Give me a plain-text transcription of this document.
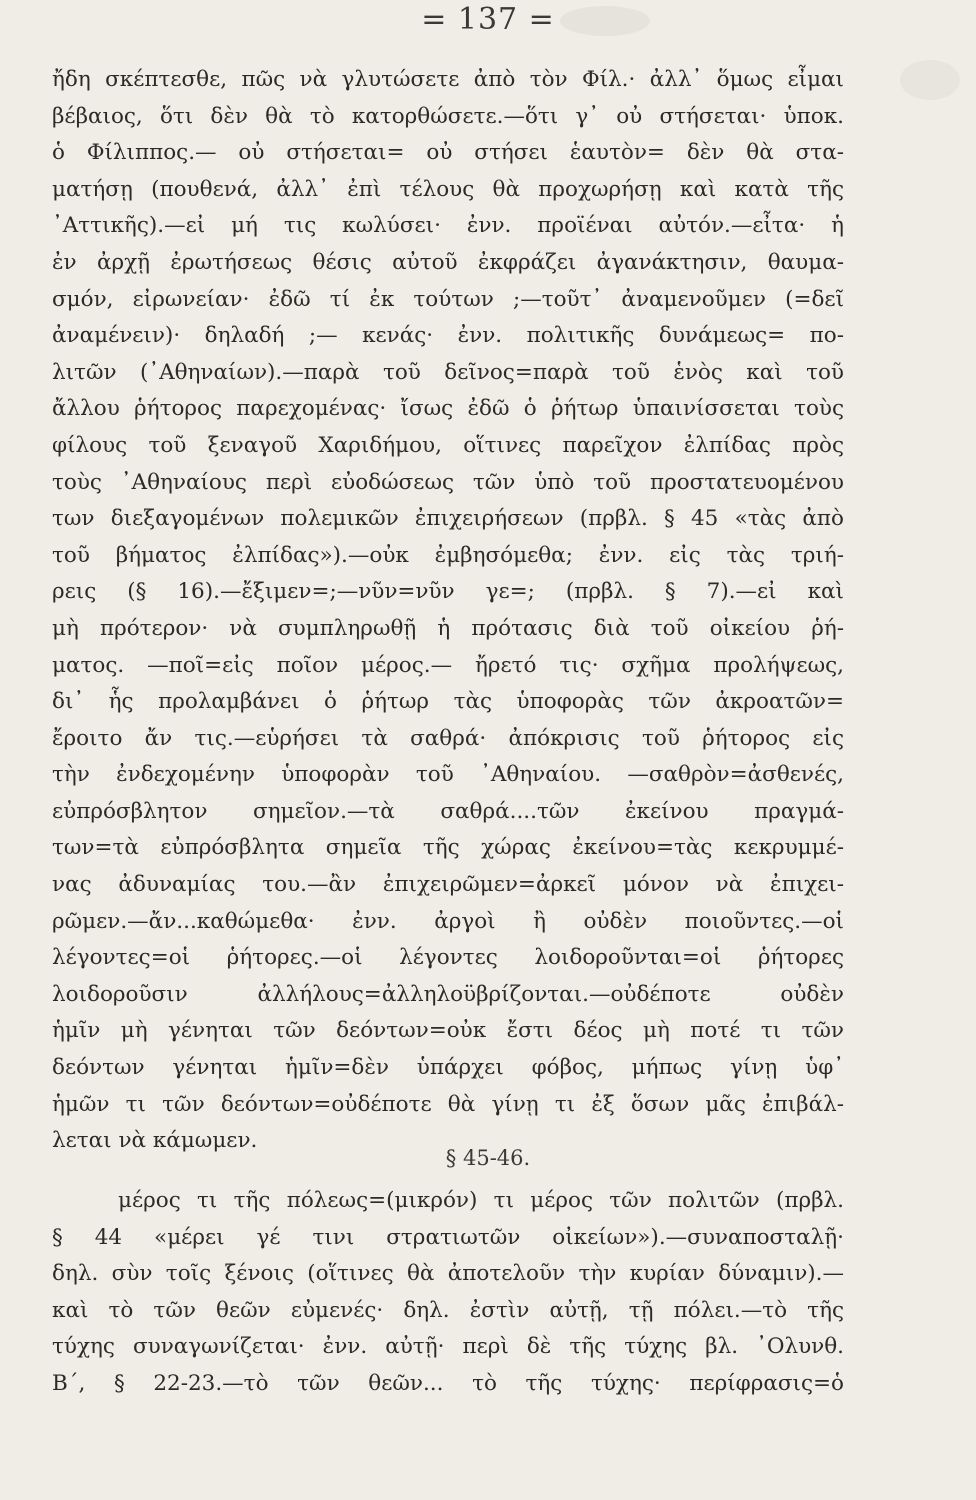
= 137 =
ἤδη σκέπτεσθε, πῶς νὰ γλυτώσετε ἀπὸ τὸν Φίλ.· ἀλλ᾽ ὅμως εἶμαι
βέβαιος, ὅτι δὲν θὰ τὸ κατορθώσετε.—ὅτι γ᾽ οὐ στήσεται· ὑποκ.
ὁ Φίλιππος.— οὐ στήσεται= οὐ στήσει ἑαυτὸν= δὲν θὰ στα-
ματήσῃ (πουθενά, ἀλλ᾽ ἐπὶ τέλους θὰ προχωρήσῃ καὶ κατὰ τῆς
᾽Αττικῆς).—εἰ μή τις κωλύσει· ἐνν. προϊέναι αὐτόν.—εἶτα· ἡ
ἐν ἀρχῇ ἐρωτήσεως θέσις αὐτοῦ ἐκφράζει ἀγανάκτησιν, θαυμα-
σμόν, εἰρωνείαν· ἐδῶ τί ἐκ τούτων ;—τοῦτ᾽ ἀναμενοῦμεν (=δεῖ
ἀναμένειν)· δηλαδή ;— κενάς· ἐνν. πολιτικῆς δυνάμεως= πο-
λιτῶν (᾽Αθηναίων).—παρὰ τοῦ δεῖνος=παρὰ τοῦ ἑνὸς καὶ τοῦ
ἄλλου ῥήτορος παρεχομένας· ἴσως ἐδῶ ὁ ῥήτωρ ὑπαινίσσεται τοὺς
φίλους τοῦ ξεναγοῦ Χαριδήμου, οἵτινες παρεῖχον ἐλπίδας πρὸς
τοὺς ᾽Αθηναίους περὶ εὐοδώσεως τῶν ὑπὸ τοῦ προστατευομένου
των διεξαγομένων πολεμικῶν ἐπιχειρήσεων (πρβλ. § 45 «τὰς ἀπὸ
τοῦ βήματος ἐλπίδας»).—οὐκ ἐμβησόμεθα; ἐνν. εἰς τὰς τριή-
ρεις (§ 16).—ἔξιμεν=;—νῦν=νῦν γε=; (πρβλ. § 7).—εἰ καὶ
μὴ πρότερον· νὰ συμπληρωθῇ ἡ πρότασις διὰ τοῦ οἰκείου ῥή-
ματος. —ποῖ=εἰς ποῖον μέρος.— ἤρετό τις· σχῆμα προλήψεως,
δι᾽ ἧς προλαμβάνει ὁ ῥήτωρ τὰς ὑποφορὰς τῶν ἀκροατῶν=
ἔροιτο ἄν τις.—εὑρήσει τὰ σαθρά· ἀπόκρισις τοῦ ῥήτορος εἰς
τὴν ἐνδεχομένην ὑποφορὰν τοῦ ᾽Αθηναίου. —σαθρὸν=ἀσθενές,
εὐπρόσβλητον σημεῖον.—τὰ σαθρά....τῶν ἐκείνου πραγμά-
των=τὰ εὐπρόσβλητα σημεῖα τῆς χώρας ἐκείνου=τὰς κεκρυμμέ-
νας ἀδυναμίας του.—ἂν ἐπιχειρῶμεν=ἀρκεῖ μόνον νὰ ἐπιχει-
ρῶμεν.—ἄν...καθώμεθα· ἐνν. ἀργοὶ ἢ οὐδὲν ποιοῦντες.—οἱ
λέγοντες=οἱ ῥήτορες.—οἱ λέγοντες λοιδοροῦνται=οἱ ῥήτορες
λοιδοροῦσιν ἀλλήλους=ἀλληλοϋβρίζονται.—οὐδέποτε οὐδὲν
ἡμῖν μὴ γένηται τῶν δεόντων=οὐκ ἔστι δέος μὴ ποτέ τι τῶν
δεόντων γένηται ἡμῖν=δὲν ὑπάρχει φόβος, μήπως γίνῃ ὑφ᾽
ἡμῶν τι τῶν δεόντων=οὐδέποτε θὰ γίνῃ τι ἐξ ὅσων μᾶς ἐπιβάλ-
λεται νὰ κάμωμεν.
§ 45-46.
μέρος τι τῆς πόλεως=(μικρόν) τι μέρος τῶν πολιτῶν (πρβλ.
§ 44 «μέρει γέ τινι στρατιωτῶν οἰκείων»).—συναποσταλῇ·
δηλ. σὺν τοῖς ξένοις (οἵτινες θὰ ἀποτελοῦν τὴν κυρίαν δύναμιν).—
καὶ τὸ τῶν θεῶν εὐμενές· δηλ. ἐστὶν αὐτῇ, τῇ πόλει.—τὸ τῆς
τύχης συναγωνίζεται· ἐνν. αὐτῇ· περὶ δὲ τῆς τύχης βλ. ᾽Ολυνθ.
Β΄, § 22-23.—τὸ τῶν θεῶν... τὸ τῆς τύχης· περίφρασις=ὁ
